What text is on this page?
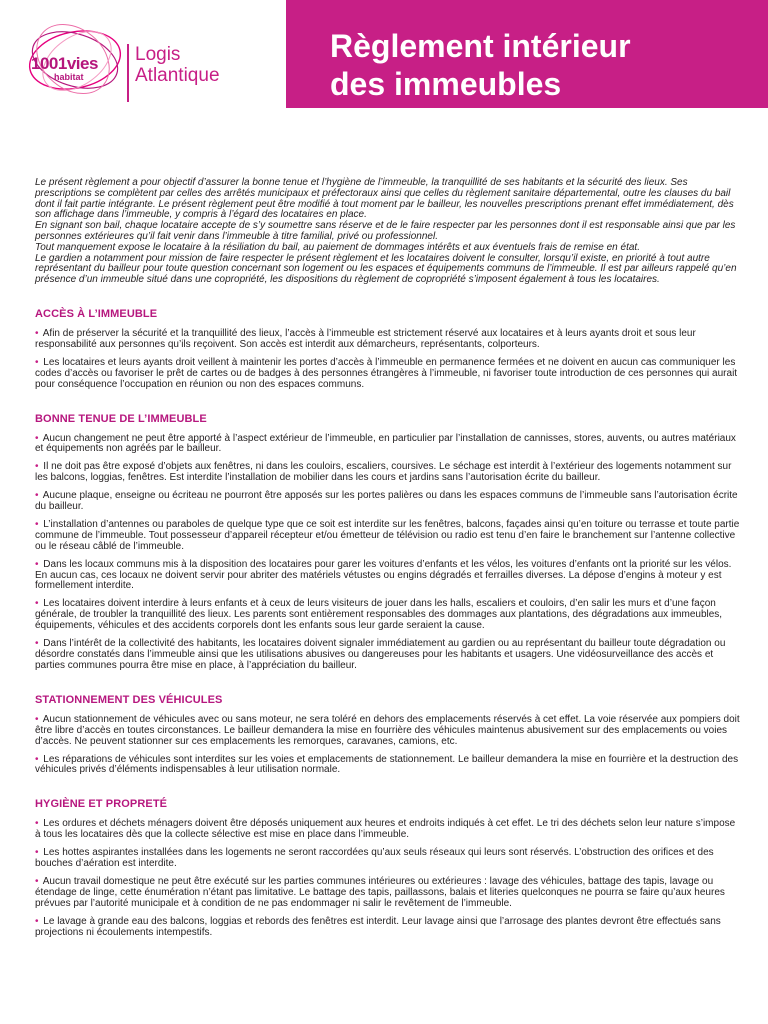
1001vies
habitat
Logis
Atlantique
Règlement intérieur
des immeubles

Le présent règlement a pour objectif d’assurer la bonne tenue et l’hygiène de l’immeuble, la tranquillité de ses habitants et la sécurité des lieux. Ses prescriptions se complètent par celles des arrêtés municipaux et préfectoraux ainsi que celles du règlement sanitaire départemental, outre les clauses du bail dont il fait partie intégrante. Le présent règlement peut être modifié à tout moment par le bailleur, les nouvelles prescriptions prenant effet immédiatement, dès son affichage dans l’immeuble, y compris à l’égard des locataires en place.

En signant son bail, chaque locataire accepte de s’y soumettre sans réserve et de le faire respecter par les personnes dont il est responsable ainsi que par les personnes extérieures qu’il fait venir dans l’immeuble à titre familial, privé ou professionnel.

Tout manquement expose le locataire à la résiliation du bail, au paiement de dommages intérêts et aux éventuels frais de remise en état.

Le gardien a notamment pour mission de faire respecter le présent règlement et les locataires doivent le consulter, lorsqu’il existe, en priorité à tout autre représentant du bailleur pour toute question concernant son logement ou les espaces et équipements communs de l’immeuble. Il est par ailleurs rappelé qu’en présence d’un immeuble situé dans une copropriété, les dispositions du règlement de copropriété s’imposent également à tous les locataires.

ACCÈS À L’IMMEUBLE

• Afin de préserver la sécurité et la tranquillité des lieux, l’accès à l’immeuble est strictement réservé aux locataires et à leurs ayants droit et sous leur responsabilité aux personnes qu’ils reçoivent. Son accès est interdit aux démarcheurs, représentants, colporteurs.

• Les locataires et leurs ayants droit veillent à maintenir les portes d’accès à l’immeuble en permanence fermées et ne doivent en aucun cas communiquer les codes d’accès ou favoriser le prêt de cartes ou de badges à des personnes étrangères à l’immeuble, ni favoriser toute introduction de ces personnes qui aurait pour conséquence l’occupation en réunion ou non des espaces communs.

BONNE TENUE DE L’IMMEUBLE

• Aucun changement ne peut être apporté à l’aspect extérieur de l’immeuble, en particulier par l’installation de cannisses, stores, auvents, ou autres matériaux et équipements non agréés par le bailleur.

• Il ne doit pas être exposé d’objets aux fenêtres, ni dans les couloirs, escaliers, coursives. Le séchage est interdit à l’extérieur des logements notamment sur les balcons, loggias, fenêtres. Est interdite l’installation de mobilier dans les cours et jardins sans l’autorisation écrite du bailleur.

• Aucune plaque, enseigne ou écriteau ne pourront être apposés sur les portes palières ou dans les espaces communs de l’immeuble sans l’autorisation écrite du bailleur.

• L’installation d’antennes ou paraboles de quelque type que ce soit est interdite sur les fenêtres, balcons, façades ainsi qu’en toiture ou terrasse et toute partie commune de l’immeuble. Tout possesseur d’appareil récepteur et/ou émetteur de télévision ou radio est tenu d’en faire le branchement sur l’antenne collective ou le réseau câblé de l’immeuble.

• Dans les locaux communs mis à la disposition des locataires pour garer les voitures d’enfants et les vélos, les voitures d’enfants ont la priorité sur les vélos. En aucun cas, ces locaux ne doivent servir pour abriter des matériels vétustes ou engins dégradés et ferrailles diverses. La dépose d’engins à moteur y est formellement interdite.

• Les locataires doivent interdire à leurs enfants et à ceux de leurs visiteurs de jouer dans les halls, escaliers et couloirs, d’en salir les murs et d’une façon générale, de troubler la tranquillité des lieux. Les parents sont entièrement responsables des dommages aux plantations, des dégradations aux immeubles, équipements, véhicules et des accidents corporels dont les enfants sous leur garde seraient la cause.

• Dans l’intérêt de la collectivité des habitants, les locataires doivent signaler immédiatement au gardien ou au représentant du bailleur toute dégradation ou désordre constatés dans l’immeuble ainsi que les utilisations abusives ou dangereuses pour les habitants et usagers. Une vidéosurveillance des accès et parties communes pourra être mise en place, à l’appréciation du bailleur.

STATIONNEMENT DES VÉHICULES

• Aucun stationnement de véhicules avec ou sans moteur, ne sera toléré en dehors des emplacements réservés à cet effet. La voie réservée aux pompiers doit être libre d’accès en toutes circonstances. Le bailleur demandera la mise en fourrière des véhicules maintenus abusivement sur des emplacements ou voies d’accès. Ne peuvent stationner sur ces emplacements les remorques, caravanes, camions, etc.

• Les réparations de véhicules sont interdites sur les voies et emplacements de stationnement. Le bailleur demandera la mise en fourrière et la destruction des véhicules privés d’éléments indispensables à leur utilisation normale.

HYGIÈNE ET PROPRETÉ

• Les ordures et déchets ménagers doivent être déposés uniquement aux heures et endroits indiqués à cet effet. Le tri des déchets selon leur nature s’impose à tous les locataires dès que la collecte sélective est mise en place dans l’immeuble.

• Les hottes aspirantes installées dans les logements ne seront raccordées qu’aux seuls réseaux qui leurs sont réservés. L’obstruction des orifices et des bouches d’aération est interdite.

• Aucun travail domestique ne peut être exécuté sur les parties communes intérieures ou extérieures : lavage des véhicules, battage des tapis, lavage ou étendage de linge, cette énumération n’étant pas limitative. Le battage des tapis, paillassons, balais et literies quelconques ne pourra se faire qu’aux heures prévues par l’autorité municipale et à condition de ne pas endommager ni salir le revêtement de l’immeuble.

• Le lavage à grande eau des balcons, loggias et rebords des fenêtres est interdit. Leur lavage ainsi que l’arrosage des plantes devront être effectués sans projections ni écoulements intempestifs.
